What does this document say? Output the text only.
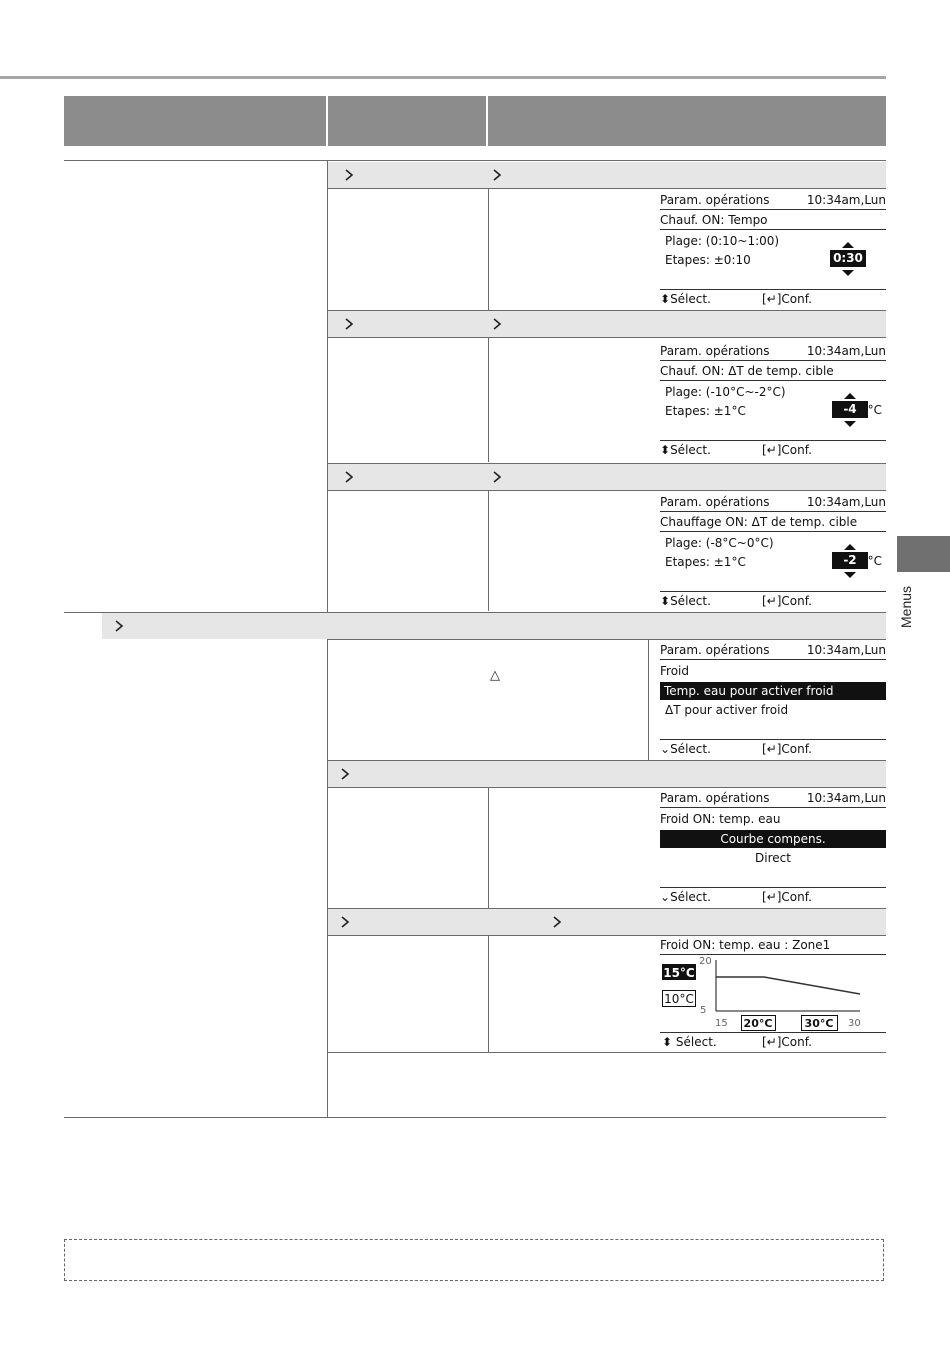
Param. opérations	10:34am,Lun
Chauf. ON: Tempo
Plage: (0:10~1:00)
Etapes: ±0:10	0:30
⬍Sélect.	[↵]Conf.
Param. opérations	10:34am,Lun
Chauf. ON: ΔT de temp. cible
Plage: (-10°C~-2°C)
Etapes: ±1°C	-4 °C
⬍Sélect.	[↵]Conf.
Param. opérations	10:34am,Lun
Chauffage ON: ΔT de temp. cible
Plage: (-8°C~0°C)
Etapes: ±1°C	-2 °C
⬍Sélect.	[↵]Conf.
△
Param. opérations	10:34am,Lun
Froid
Temp. eau pour activer froid
ΔT pour activer froid
⌄Sélect.	[↵]Conf.
Param. opérations	10:34am,Lun
Froid ON: temp. eau
Courbe compens.
Direct
⌄Sélect.	[↵]Conf.
Froid ON: temp. eau : Zone1
15°C
10°C
20
5
15 20°C	30°C 30
⬍ Sélect.	[↵]Conf.
Menus
